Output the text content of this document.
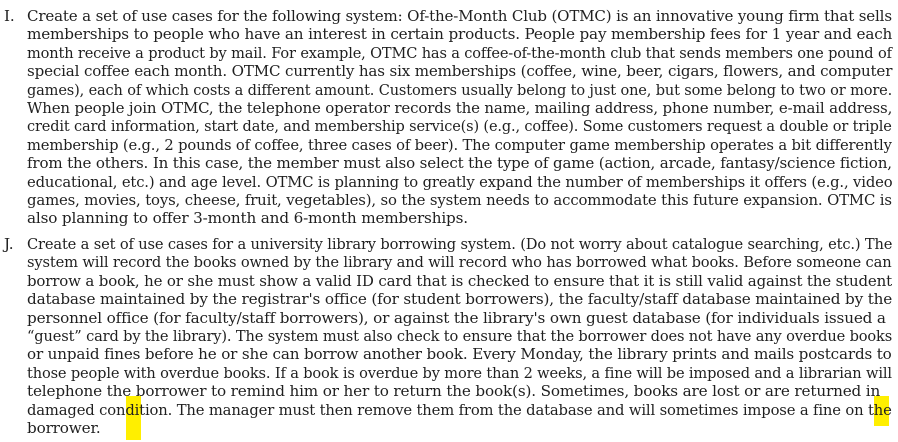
I. Create a set of use cases for the following system: Of-the-Month Club (OTMC) is an innovative young firm that sells
memberships to people who have an interest in certain products. People pay membership fees for 1 year and each
month receive a product by mail. For example, OTMC has a coffee-of-the-month club that sends members one pound of
special coffee each month. OTMC currently has six memberships (coffee, wine, beer, cigars, flowers, and computer
games), each of which costs a different amount. Customers usually belong to just one, but some belong to two or more.
When people join OTMC, the telephone operator records the name, mailing address, phone number, e-mail address,
credit card information, start date, and membership service(s) (e.g., coffee). Some customers request a double or triple
membership (e.g., 2 pounds of coffee, three cases of beer). The computer game membership operates a bit differently
from the others. In this case, the member must also select the type of game (action, arcade, fantasy/science fiction,
educational, etc.) and age level. OTMC is planning to greatly expand the number of memberships it offers (e.g., video
games, movies, toys, cheese, fruit, vegetables), so the system needs to accommodate this future expansion. OTMC is
also planning to offer 3-month and 6-month memberships.
J. Create a set of use cases for a university library borrowing system. (Do not worry about catalogue searching, etc.) The
system will record the books owned by the library and will record who has borrowed what books. Before someone can
borrow a book, he or she must show a valid ID card that is checked to ensure that it is still valid against the student
database maintained by the registrar's office (for student borrowers), the faculty/staff database maintained by the
personnel office (for faculty/staff borrowers), or against the library's own guest database (for individuals issued a
“guest” card by the library). The system must also check to ensure that the borrower does not have any overdue books
or unpaid fines before he or she can borrow another book. Every Monday, the library prints and mails postcards to
those people with overdue books. If a book is overdue by more than 2 weeks, a fine will be imposed and a librarian will
telephone the borrower to remind him or her to return the book(s). Sometimes, books are lost or are returned in
damaged condition. The manager must then remove them from the database and will sometimes impose a fine on the
borrower.
